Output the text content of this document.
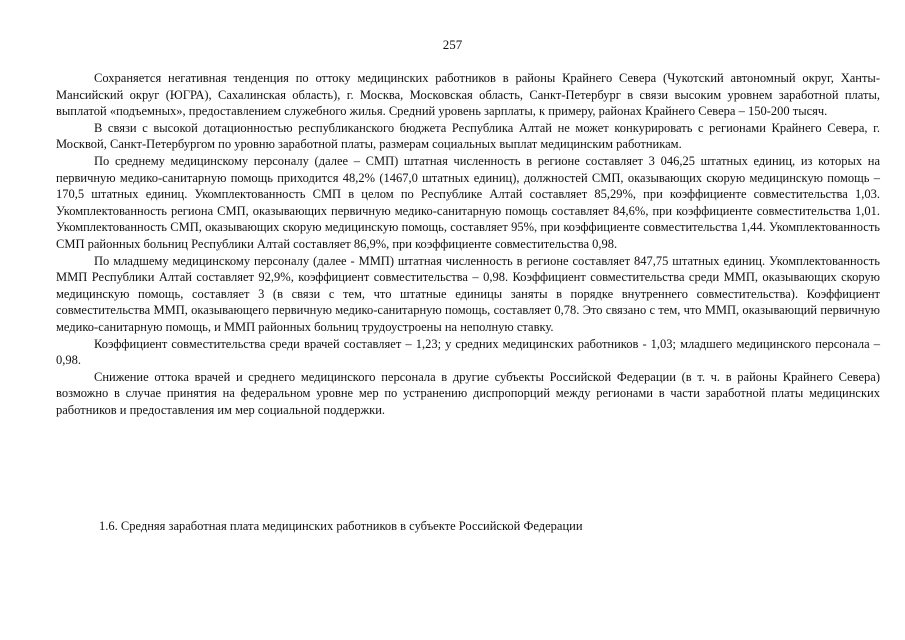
257

Сохраняется негативная тенденция по оттоку медицинских работников в районы Крайнего Севера (Чукотский автономный округ, Ханты-Мансийский округ (ЮГРА), Сахалинская область), г. Москва, Московская область, Санкт-Петербург в связи высоким уровнем заработной платы, выплатой «подъемных», предоставлением служебного жилья. Средний уровень зарплаты, к примеру, районах Крайнего Севера – 150-200 тысяч.

В связи с высокой дотационностью республиканского бюджета Республика Алтай не может конкурировать с регионами Крайнего Севера, г. Москвой, Санкт-Петербургом по уровню заработной платы, размерам социальных выплат медицинским работникам.

По среднему медицинскому персоналу (далее – СМП) штатная численность в регионе составляет 3 046,25 штатных единиц, из которых на первичную медико-санитарную помощь приходится 48,2% (1467,0 штатных единиц), должностей СМП, оказывающих скорую медицинскую помощь – 170,5 штатных единиц. Укомплектованность СМП в целом по Республике Алтай составляет 85,29%, при коэффициенте совместительства 1,03. Укомплектованность региона СМП, оказывающих первичную медико-санитарную помощь составляет 84,6%, при коэффициенте совместительства 1,01. Укомплектованность СМП, оказывающих скорую медицинскую помощь, составляет 95%, при коэффициенте совместительства 1,44. Укомплектованность СМП районных больниц Республики Алтай составляет 86,9%, при коэффициенте совместительства 0,98.

По младшему медицинскому персоналу (далее - ММП) штатная численность в регионе составляет 847,75 штатных единиц. Укомплектованность ММП Республики Алтай составляет 92,9%, коэффициент совместительства – 0,98. Коэффициент совместительства среди ММП, оказывающих скорую медицинскую помощь, составляет 3 (в связи с тем, что штатные единицы заняты в порядке внутреннего совместительства). Коэффициент совместительства ММП, оказывающего первичную медико-санитарную помощь, составляет 0,78. Это связано с тем, что ММП, оказывающий первичную медико-санитарную помощь, и ММП районных больниц трудоустроены на неполную ставку.

Коэффициент совместительства среди врачей составляет – 1,23; у средних медицинских работников - 1,03; младшего медицинского персонала – 0,98.

Снижение оттока врачей и среднего медицинского персонала в другие субъекты Российской Федерации (в т. ч. в районы Крайнего Севера) возможно в случае принятия на федеральном уровне мер по устранению диспропорций между регионами в части заработной платы медицинских работников и предоставления им мер социальной поддержки.

1.6. Средняя заработная плата медицинских работников в субъекте Российской Федерации
